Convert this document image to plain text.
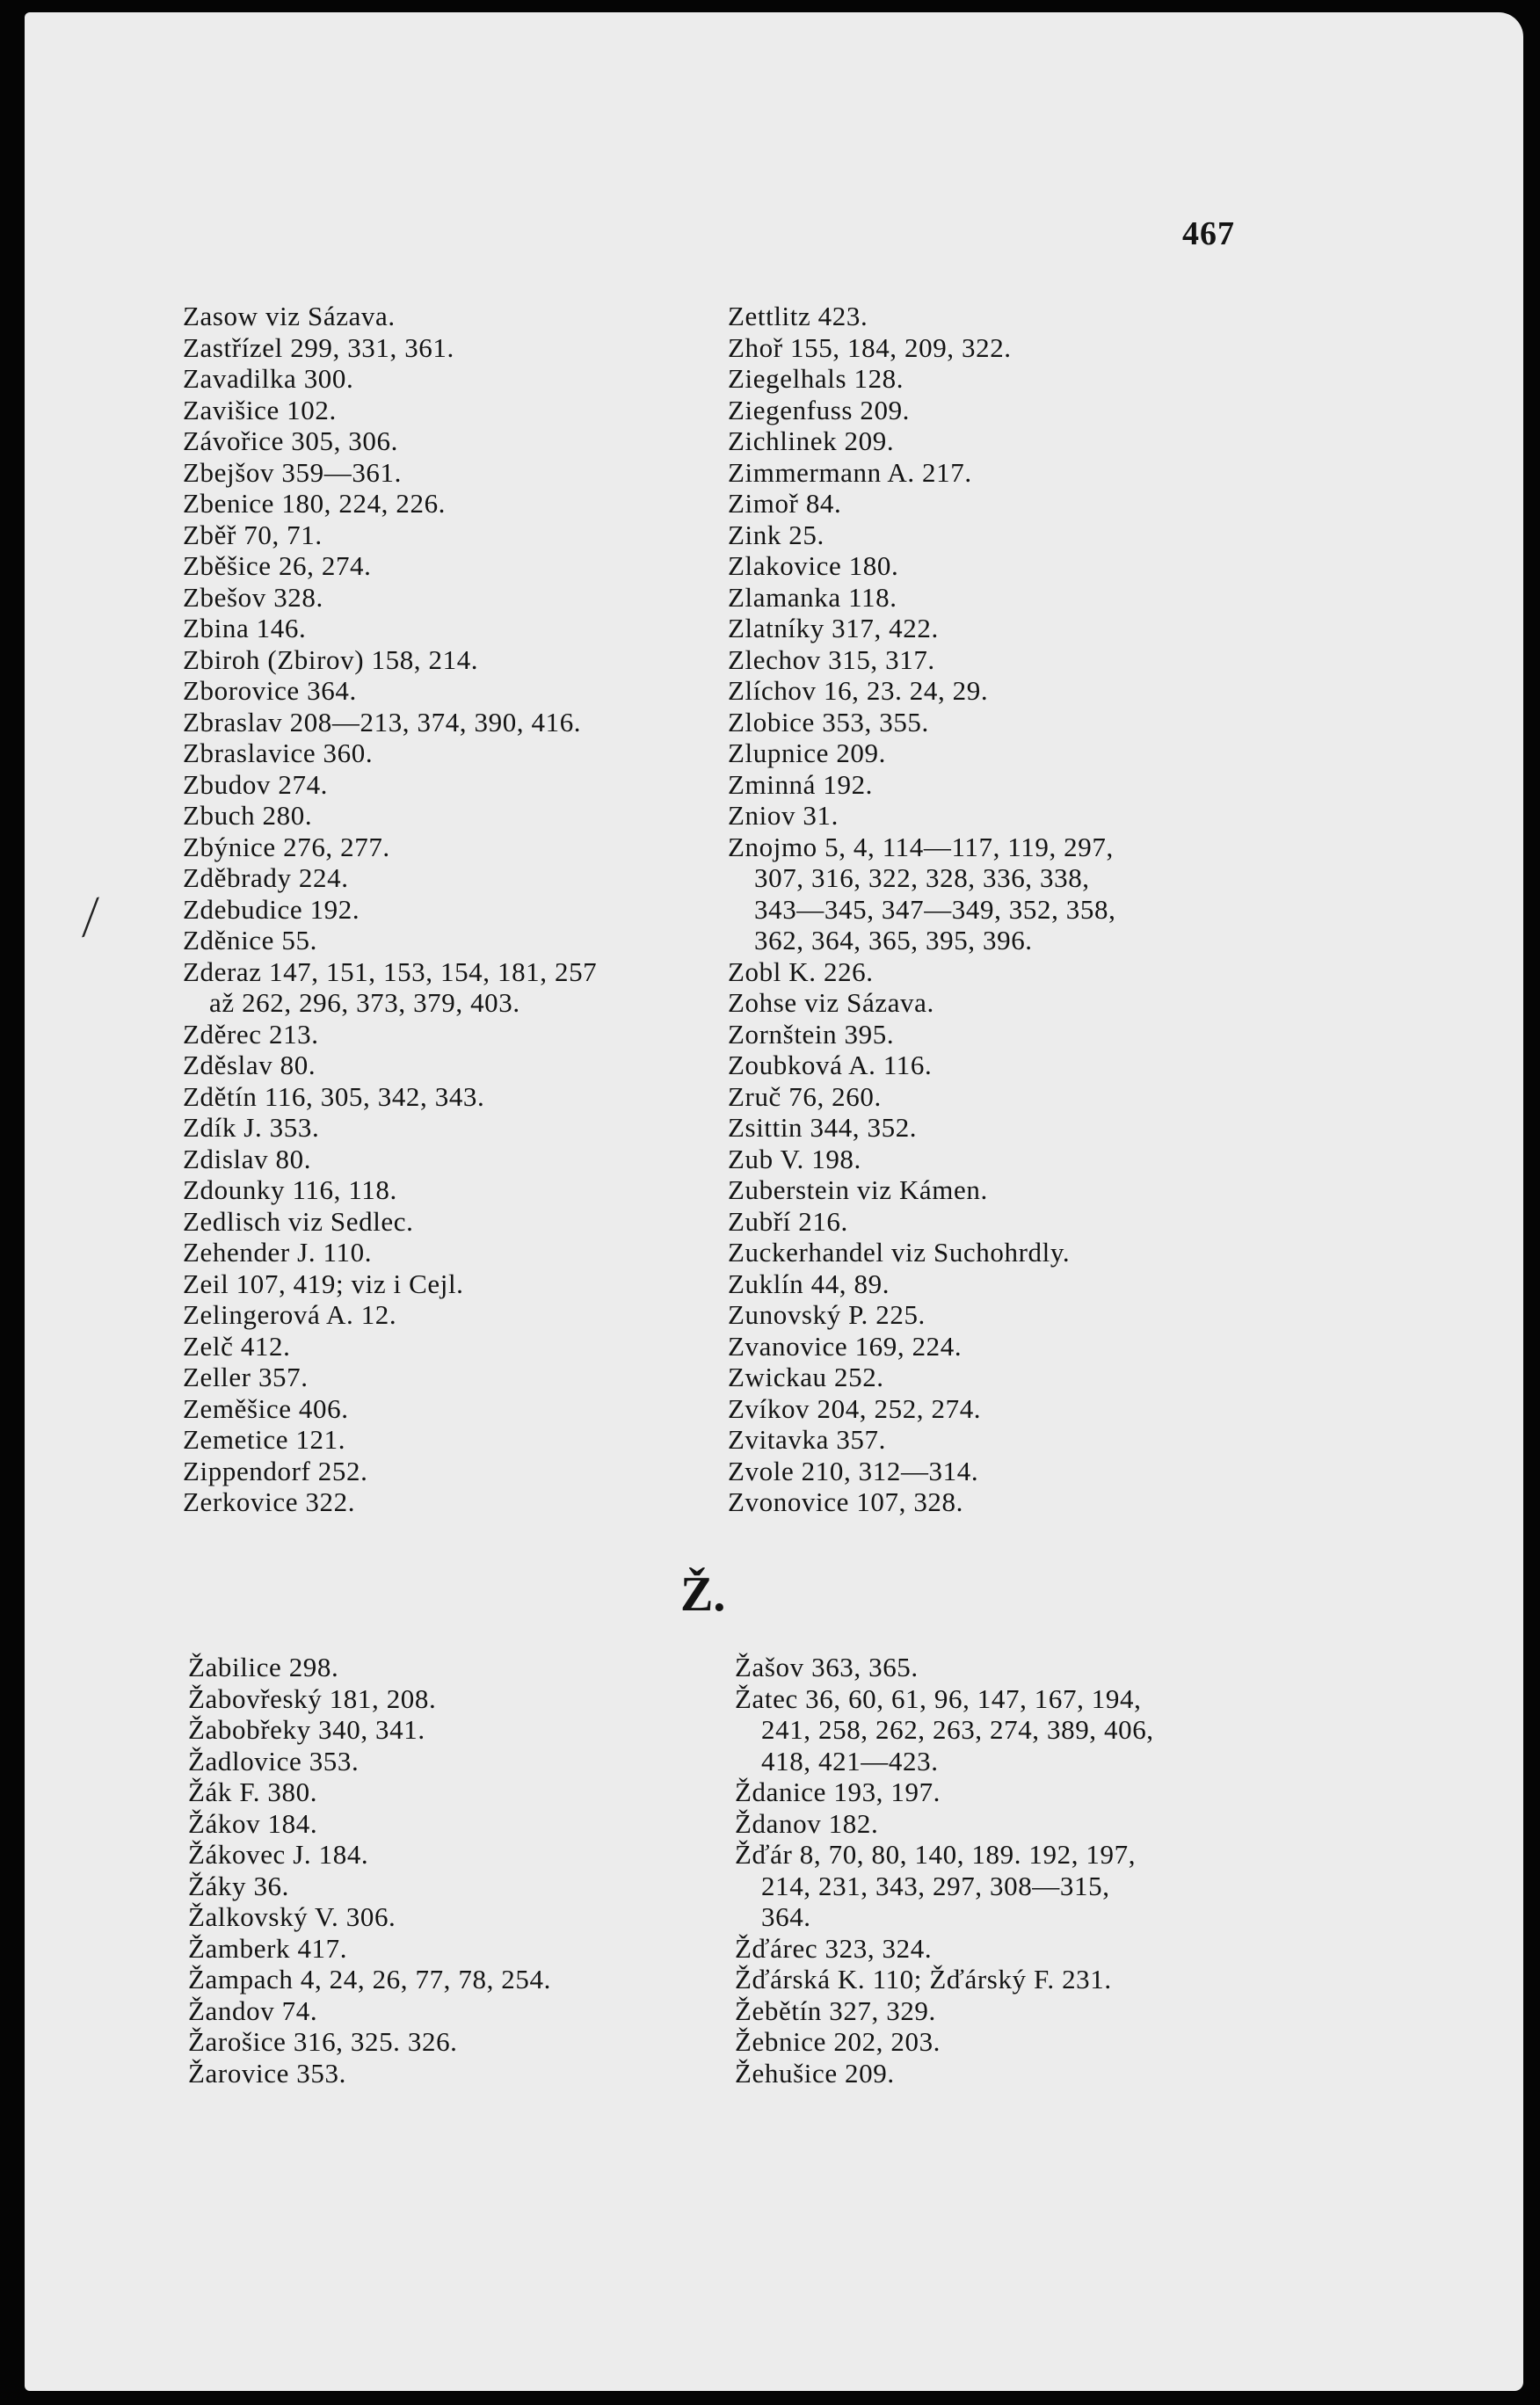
467
⁄
Zasow viz Sázava.
Zastřízel 299, 331, 361.
Zavadilka 300.
Zavišice 102.
Závořice 305, 306.
Zbejšov 359—361.
Zbenice 180, 224, 226.
Zběř 70, 71.
Zběšice 26, 274.
Zbešov 328.
Zbina 146.
Zbiroh (Zbirov) 158, 214.
Zborovice 364.
Zbraslav 208—213, 374, 390, 416.
Zbraslavice 360.
Zbudov 274.
Zbuch 280.
Zbýnice 276, 277.
Zděbrady 224.
Zdebudice 192.
Zděnice 55.
Zderaz 147, 151, 153, 154, 181, 257
až 262, 296, 373, 379, 403.
Zděrec 213.
Zděslav 80.
Zdětín 116, 305, 342, 343.
Zdík J. 353.
Zdislav 80.
Zdounky 116, 118.
Zedlisch viz Sedlec.
Zehender J. 110.
Zeil 107, 419; viz i Cejl.
Zelingerová A. 12.
Zelč 412.
Zeller 357.
Zeměšice 406.
Zemetice 121.
Zippendorf 252.
Zerkovice 322.
Zettlitz 423.
Zhoř 155, 184, 209, 322.
Ziegelhals 128.
Ziegenfuss 209.
Zichlinek 209.
Zimmermann A. 217.
Zimoř 84.
Zink 25.
Zlakovice 180.
Zlamanka 118.
Zlatníky 317, 422.
Zlechov 315, 317.
Zlíchov 16, 23. 24, 29.
Zlobice 353, 355.
Zlupnice 209.
Zminná 192.
Zniov 31.
Znojmo 5, 4, 114—117, 119, 297,
307, 316, 322, 328, 336, 338,
343—345, 347—349, 352, 358,
362, 364, 365, 395, 396.
Zobl K. 226.
Zohse viz Sázava.
Zornštein 395.
Zoubková A. 116.
Zruč 76, 260.
Zsittin 344, 352.
Zub V. 198.
Zuberstein viz Kámen.
Zubří 216.
Zuckerhandel viz Suchohrdly.
Zuklín 44, 89.
Zunovský P. 225.
Zvanovice 169, 224.
Zwickau 252.
Zvíkov 204, 252, 274.
Zvitavka 357.
Zvole 210, 312—314.
Zvonovice 107, 328.
Ž.
Žabilice 298.
Žabovřeský 181, 208.
Žabobřeky 340, 341.
Žadlovice 353.
Žák F. 380.
Žákov 184.
Žákovec J. 184.
Žáky 36.
Žalkovský V. 306.
Žamberk 417.
Žampach 4, 24, 26, 77, 78, 254.
Žandov 74.
Žarošice 316, 325. 326.
Žarovice 353.
Žašov 363, 365.
Žatec 36, 60, 61, 96, 147, 167, 194,
241, 258, 262, 263, 274, 389, 406,
418, 421—423.
Ždanice 193, 197.
Ždanov 182.
Žďár 8, 70, 80, 140, 189. 192, 197,
214, 231, 343, 297, 308—315,
364.
Žďárec 323, 324.
Žďárská K. 110; Žďárský F. 231.
Žebětín 327, 329.
Žebnice 202, 203.
Žehušice 209.
